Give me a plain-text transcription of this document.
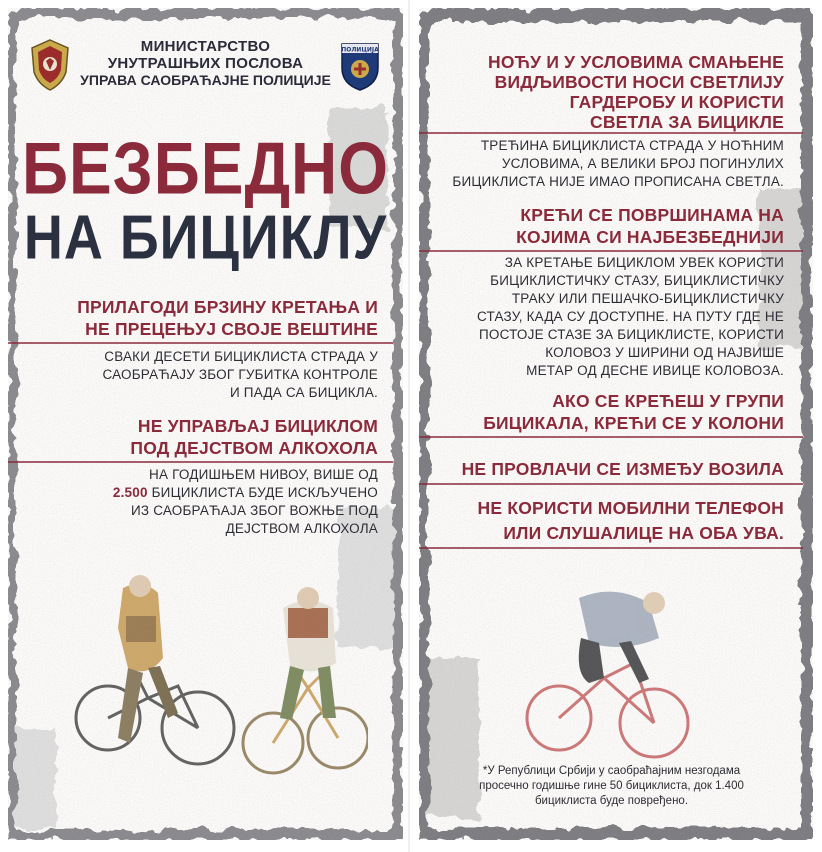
МИНИСТАРСТВО
УНУТРАШЊИХ ПОСЛОВА
УПРАВА САОБРАЋАЈНЕ ПОЛИЦИЈЕ
ПОЛИЦИЈА
БЕЗБЕДНО
НА БИЦИКЛУ
ПРИЛАГОДИ БРЗИНУ КРЕТАЊА И
НЕ ПРЕЦЕЊУЈ СВОЈЕ ВЕШТИНЕ
СВАКИ ДЕСЕТИ БИЦИКЛИСТА СТРАДА У
САОБРАЋАЈУ ЗБОГ ГУБИТКА КОНТРОЛЕ
И ПАДА СА БИЦИКЛА.
НЕ УПРАВЉАЈ БИЦИКЛОМ
ПОД ДЕЈСТВОМ АЛКОХОЛА
НА ГОДИШЊЕМ НИВОУ, ВИШЕ ОД
2.500 БИЦИКЛИСТА БУДЕ ИСКЉУЧЕНО
ИЗ САОБРАЋАЈА ЗБОГ ВОЖЊЕ ПОД
ДЕЈСТВОМ АЛКОХОЛА
НОЋУ И У УСЛОВИМА СМАЊЕНЕ
ВИДЉИВОСТИ НОСИ СВЕТЛИЈУ
ГАРДЕРОБУ И КОРИСТИ
СВЕТЛА ЗА БИЦИКЛЕ
ТРЕЋИНА БИЦИКЛИСТА СТРАДА У НОЋНИМ
УСЛОВИМА, А ВЕЛИКИ БРОЈ ПОГИНУЛИХ
БИЦИКЛИСТА НИЈЕ ИМАО ПРОПИСАНА СВЕТЛА.
КРЕЋИ СЕ ПОВРШИНАМА НА
КОЈИМА СИ НАЈБЕЗБЕДНИЈИ
ЗА КРЕТАЊЕ БИЦИКЛОМ УВЕК КОРИСТИ
БИЦИКЛИСТИЧКУ СТАЗУ, БИЦИКЛИСТИЧКУ
ТРАКУ ИЛИ ПЕШАЧКО-БИЦИКЛИСТИЧКУ
СТАЗУ, КАДА СУ ДОСТУПНЕ. НА ПУТУ ГДЕ НЕ
ПОСТОЈЕ СТАЗЕ ЗА БИЦИКЛИСТЕ, КОРИСТИ
КОЛОВОЗ У ШИРИНИ ОД НАЈВИШЕ
МЕТАР ОД ДЕСНЕ ИВИЦЕ КОЛОВОЗА.
АКО СЕ КРЕЋЕШ У ГРУПИ
БИЦИКАЛА, КРЕЋИ СЕ У КОЛОНИ
НЕ ПРОВЛАЧИ СЕ ИЗМЕЂУ ВОЗИЛА
НЕ КОРИСТИ МОБИЛНИ ТЕЛЕФОН
ИЛИ СЛУШАЛИЦЕ НА ОБА УВА.
*У Републици Србији у саобраћајним незгодама
просечно годишње гине 50 бициклиста, док 1.400
бициклиста буде повређено.
